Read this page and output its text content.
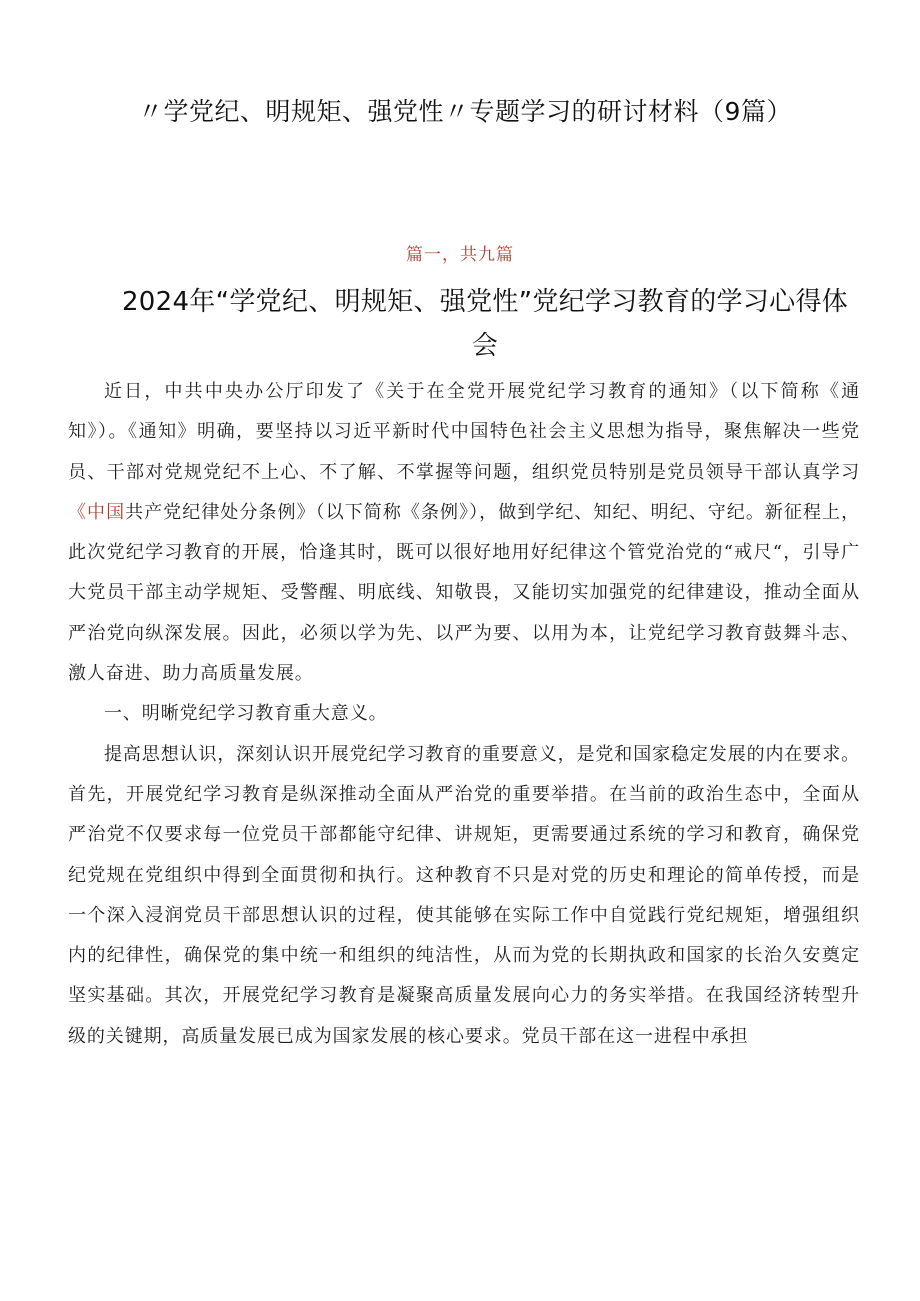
〃学党纪、明规矩、强党性〃专题学习的研讨材料（9篇）
篇一，共九篇
2024年“学党纪、明规矩、强党性”党纪学习教育的学习心得体会

近日，中共中央办公厅印发了《关于在全党开展党纪学习教育的通知》（以下简称《通知》）。《通知》明确，要坚持以习近平新时代中国特色社会主义思想为指导，聚焦解决一些党员、干部对党规党纪不上心、不了解、不掌握等问题，组织党员特别是党员领导干部认真学习《中国共产党纪律处分条例》（以下简称《条例》），做到学纪、知纪、明纪、守纪。新征程上，此次党纪学习教育的开展，恰逢其时，既可以很好地用好纪律这个管党治党的“戒尺“，引导广大党员干部主动学规矩、受警醒、明底线、知敬畏，又能切实加强党的纪律建设，推动全面从严治党向纵深发展。因此，必须以学为先、以严为要、以用为本，让党纪学习教育鼓舞斗志、激人奋进、助力高质量发展。

一、明晰党纪学习教育重大意义。

提高思想认识，深刻认识开展党纪学习教育的重要意义，是党和国家稳定发展的内在要求。首先，开展党纪学习教育是纵深推动全面从严治党的重要举措。在当前的政治生态中，全面从严治党不仅要求每一位党员干部都能守纪律、讲规矩，更需要通过系统的学习和教育，确保党纪党规在党组织中得到全面贯彻和执行。这种教育不只是对党的历史和理论的简单传授，而是一个深入浸润党员干部思想认识的过程，使其能够在实际工作中自觉践行党纪规矩，增强组织内的纪律性，确保党的集中统一和组织的纯洁性，从而为党的长期执政和国家的长治久安奠定坚实基础。其次，开展党纪学习教育是凝聚高质量发展向心力的务实举措。在我国经济转型升级的关键期，高质量发展已成为国家发展的核心要求。党员干部在这一进程中承担
